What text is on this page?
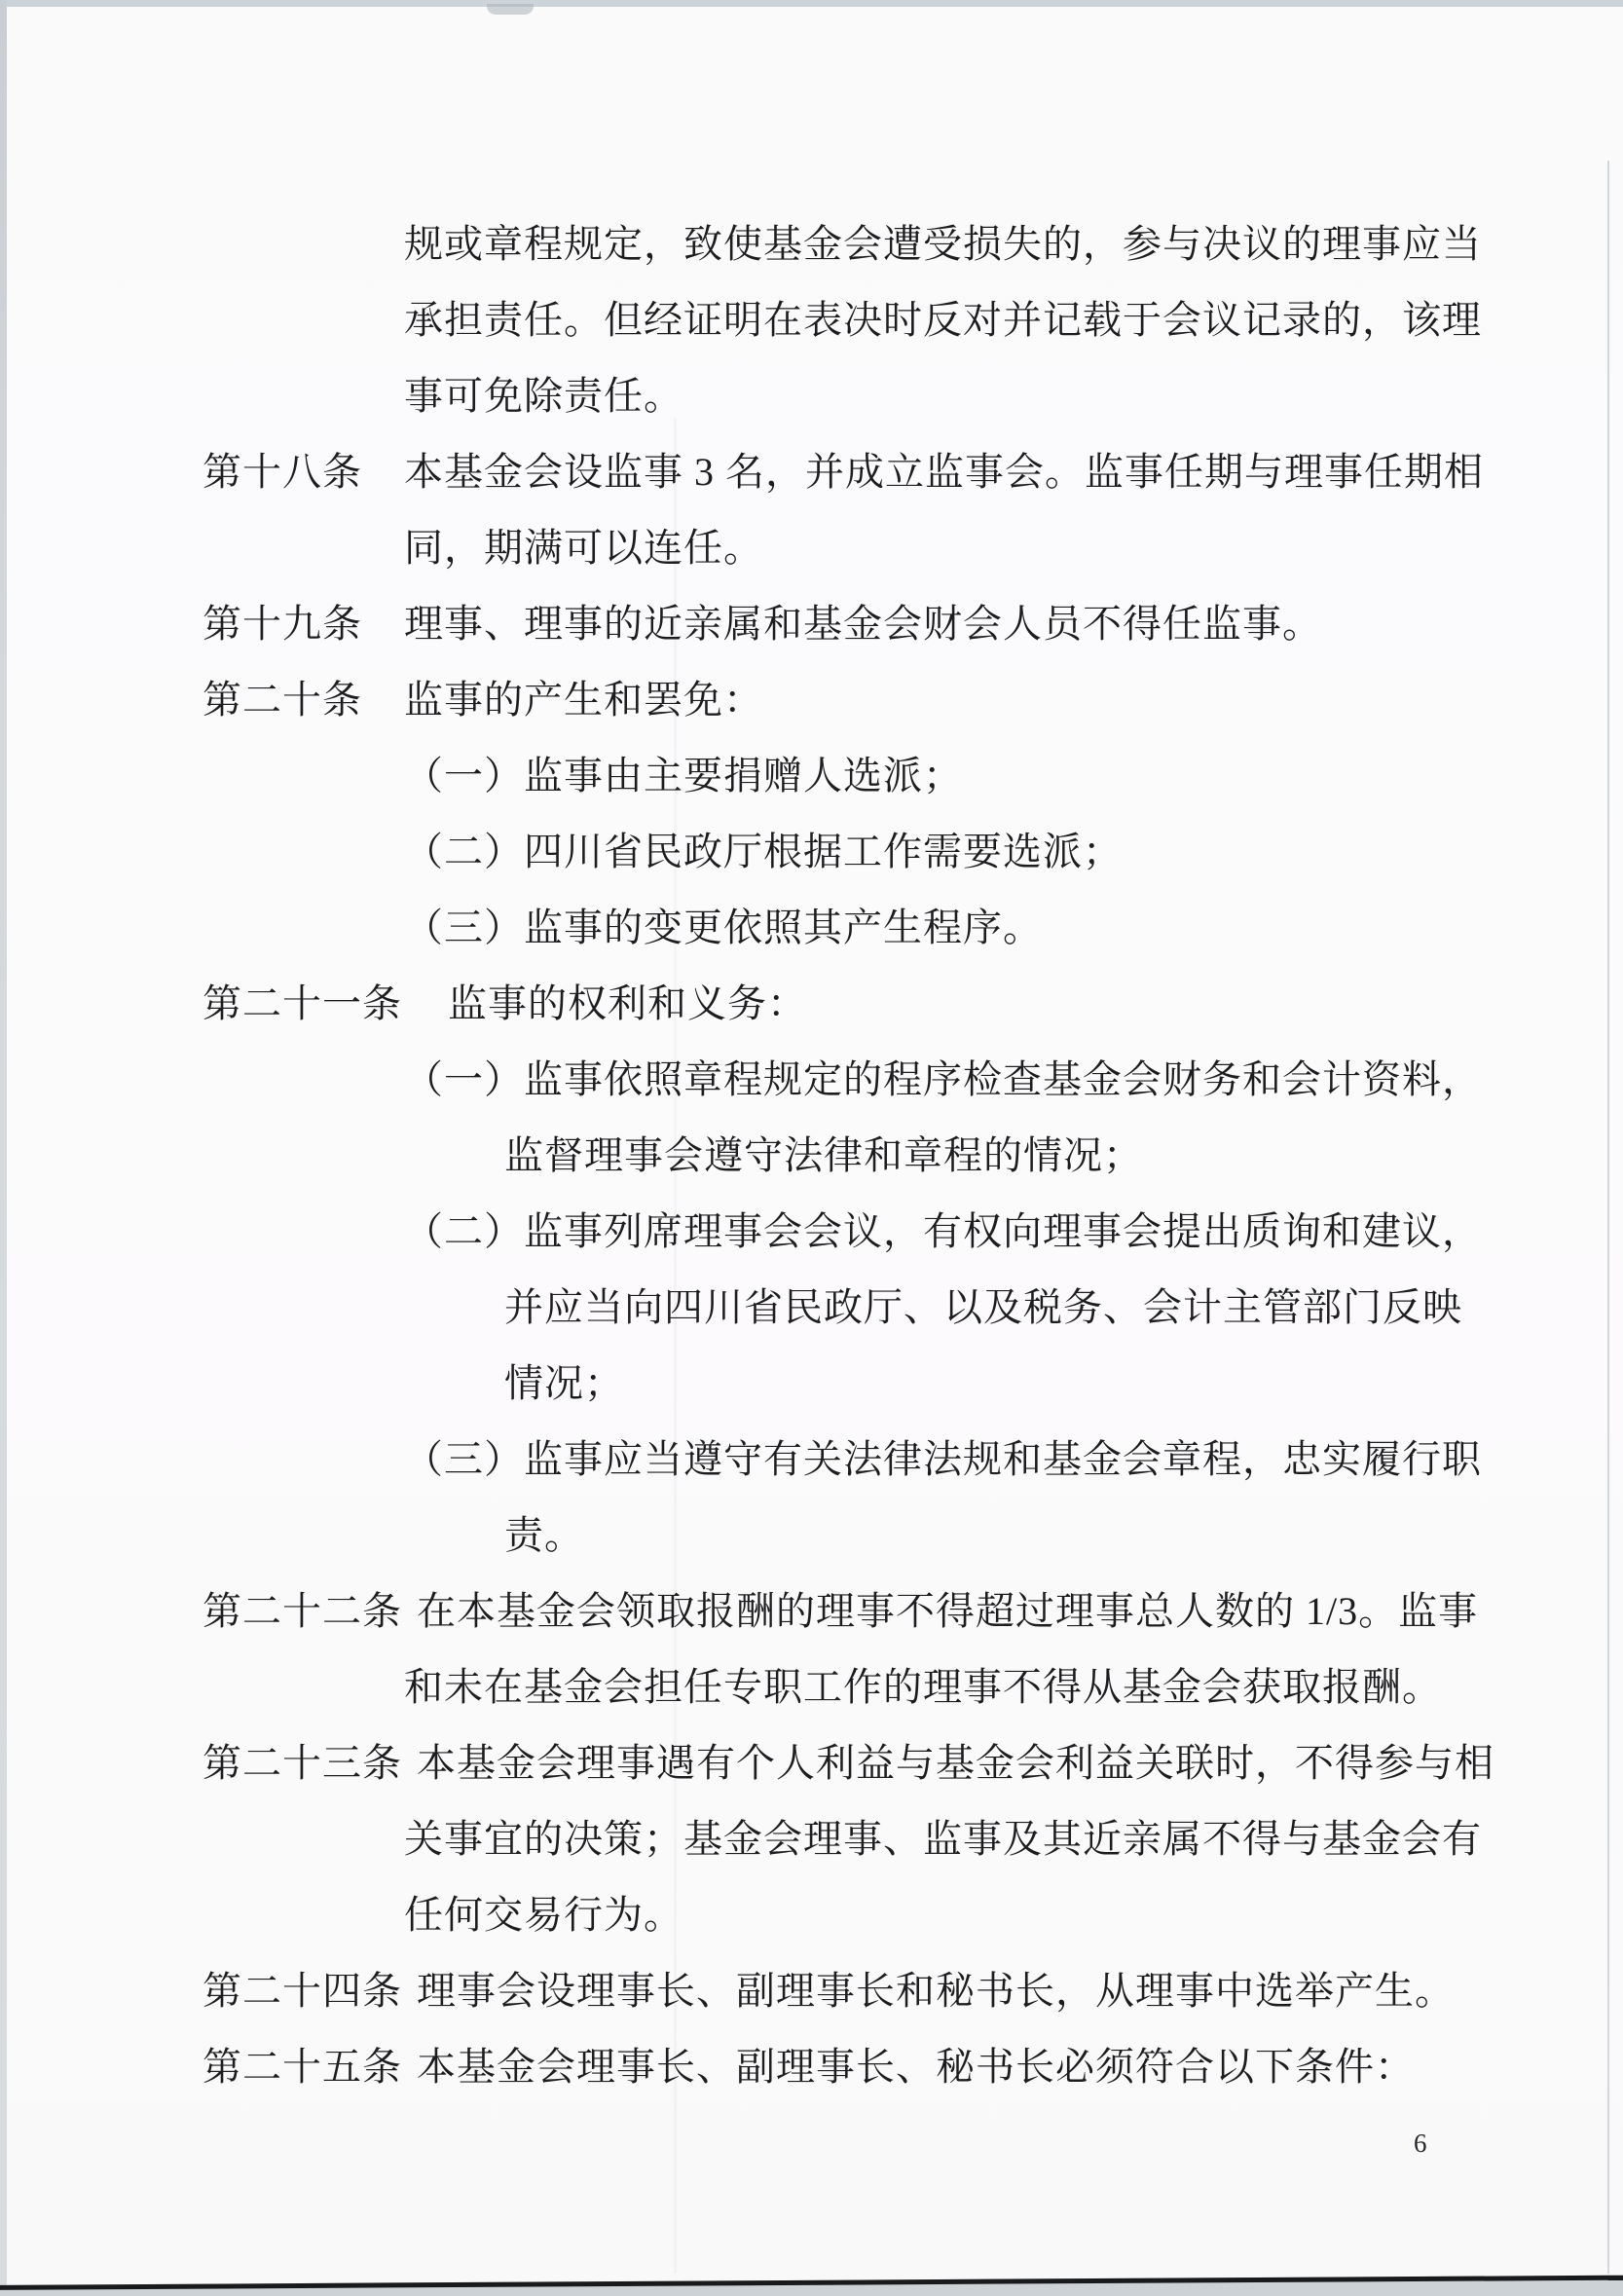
规或章程规定，致使基金会遭受损失的，参与决议的理事应当
承担责任。但经证明在表决时反对并记载于会议记录的，该理
事可免除责任。
第十八条 本基金会设监事 3 名，并成立监事会。监事任期与理事任期相
同，期满可以连任。
第十九条 理事、理事的近亲属和基金会财会人员不得任监事。
第二十条 监事的产生和罢免：
（一）监事由主要捐赠人选派；
（二）四川省民政厅根据工作需要选派；
（三）监事的变更依照其产生程序。
第二十一条 监事的权利和义务：
（一）监事依照章程规定的程序检查基金会财务和会计资料，
监督理事会遵守法律和章程的情况；
（二）监事列席理事会会议，有权向理事会提出质询和建议，
并应当向四川省民政厅、以及税务、会计主管部门反映
情况；
（三）监事应当遵守有关法律法规和基金会章程，忠实履行职
责。
第二十二条 在本基金会领取报酬的理事不得超过理事总人数的 1/3。监事
和未在基金会担任专职工作的理事不得从基金会获取报酬。
第二十三条 本基金会理事遇有个人利益与基金会利益关联时，不得参与相
关事宜的决策；基金会理事、监事及其近亲属不得与基金会有
任何交易行为。
第二十四条 理事会设理事长、副理事长和秘书长，从理事中选举产生。
第二十五条 本基金会理事长、副理事长、秘书长必须符合以下条件：
6
